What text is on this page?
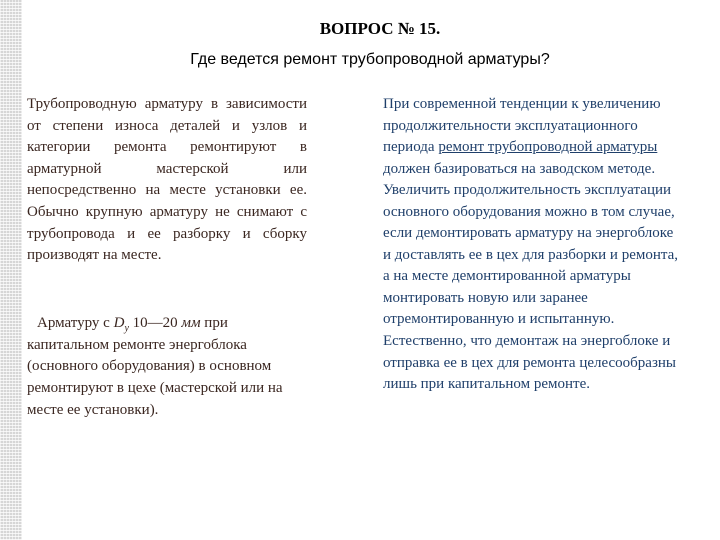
ВОПРОС № 15.
Где ведется ремонт трубопроводной арматуры?

Трубопроводную арматуру в зависимости от степени износа деталей и узлов и категории ремонта ремонтируют в арматурной мастерской или непосредственно на месте установки ее. Обычно крупную арматуру не снимают с трубопровода и ее разборку и сборку производят на месте.

Арматуру с $D_у$ 10—20 мм при капитальном ремонте энергоблока (основного оборудования) в основном ремонтируют в цехе (мастерской или на месте ее установки).

При современной тенденции к увеличению продолжительности эксплуатационного периода ремонт трубопроводной арматуры должен базироваться на заводском методе. Увеличить продолжительность эксплуатации основного оборудования можно в том случае, если демонтировать арматуру на энергоблоке и доставлять ее в цех для разборки и ремонта, а на месте демонтированной арматуры монтировать новую или заранее отремонтированную и испытанную. Естественно, что демонтаж на энергоблоке и отправка ее в цех для ремонта целесообразны лишь при капитальном ремонте.
